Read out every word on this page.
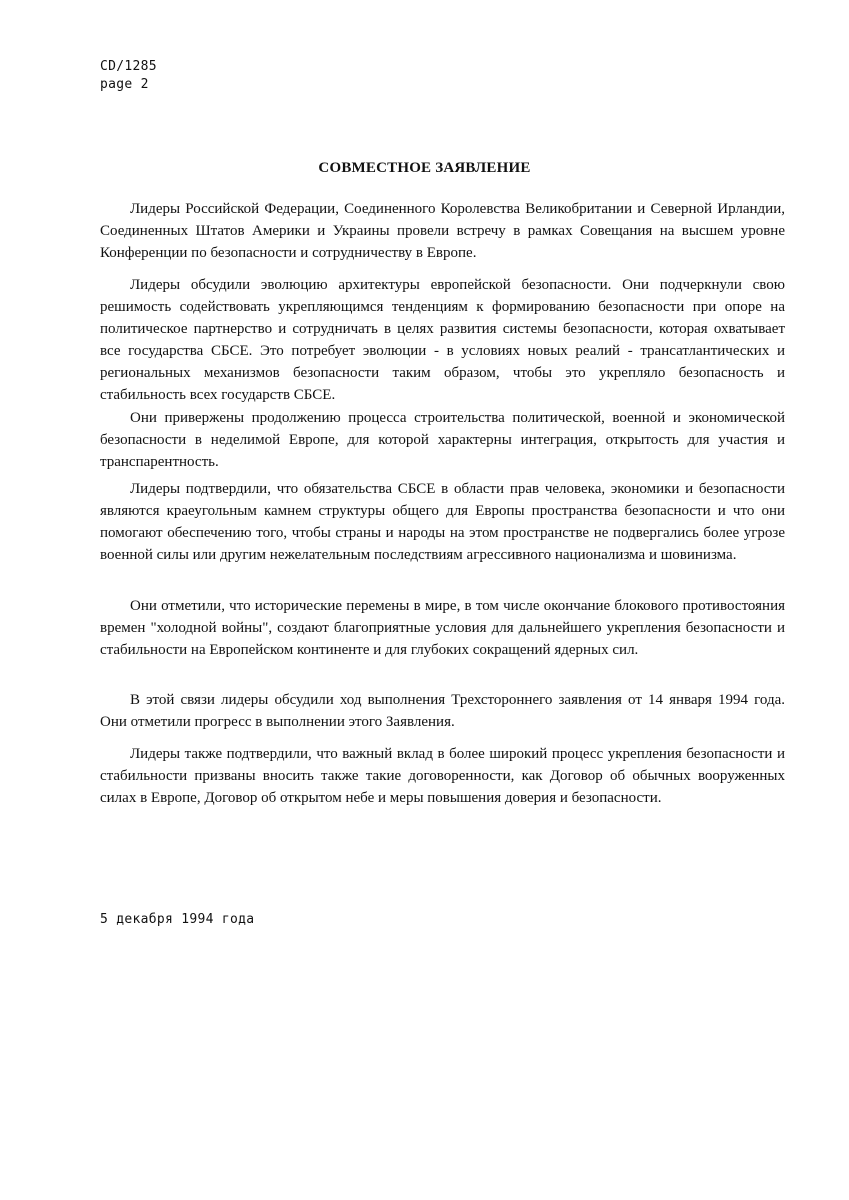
CD/1285
page 2
СОВМЕСТНОЕ ЗАЯВЛЕНИЕ

Лидеры Российской Федерации, Соединенного Королевства Великобритании и Северной Ирландии, Соединенных Штатов Америки и Украины провели встречу в рамках Совещания на высшем уровне Конференции по безопасности и сотрудничеству в Европе.

Лидеры обсудили эволюцию архитектуры европейской безопасности. Они подчеркнули свою решимость содействовать укрепляющимся тенденциям к формированию безопасности при опоре на политическое партнерство и сотрудничать в целях развития системы безопасности, которая охватывает все государства СБСЕ. Это потребует эволюции - в условиях новых реалий - трансатлантических и региональных механизмов безопасности таким образом, чтобы это укрепляло безопасность и стабильность всех государств СБСЕ.

Они привержены продолжению процесса строительства политической, военной и экономической безопасности в неделимой Европе, для которой характерны интеграция, открытость для участия и транспарентность.

Лидеры подтвердили, что обязательства СБСЕ в области прав человека, экономики и безопасности являются краеугольным камнем структуры общего для Европы пространства безопасности и что они помогают обеспечению того, чтобы страны и народы на этом пространстве не подвергались более угрозе военной силы или другим нежелательным последствиям агрессивного национализма и шовинизма.

Они отметили, что исторические перемены в мире, в том числе окончание блокового противостояния времен "холодной войны", создают благоприятные условия для дальнейшего укрепления безопасности и стабильности на Европейском континенте и для глубоких сокращений ядерных сил.

В этой связи лидеры обсудили ход выполнения Трехстороннего заявления от 14 января 1994 года. Они отметили прогресс в выполнении этого Заявления.

Лидеры также подтвердили, что важный вклад в более широкий процесс укрепления безопасности и стабильности призваны вносить также такие договоренности, как Договор об обычных вооруженных силах в Европе, Договор об открытом небе и меры повышения доверия и безопасности.

5 декабря 1994 года
